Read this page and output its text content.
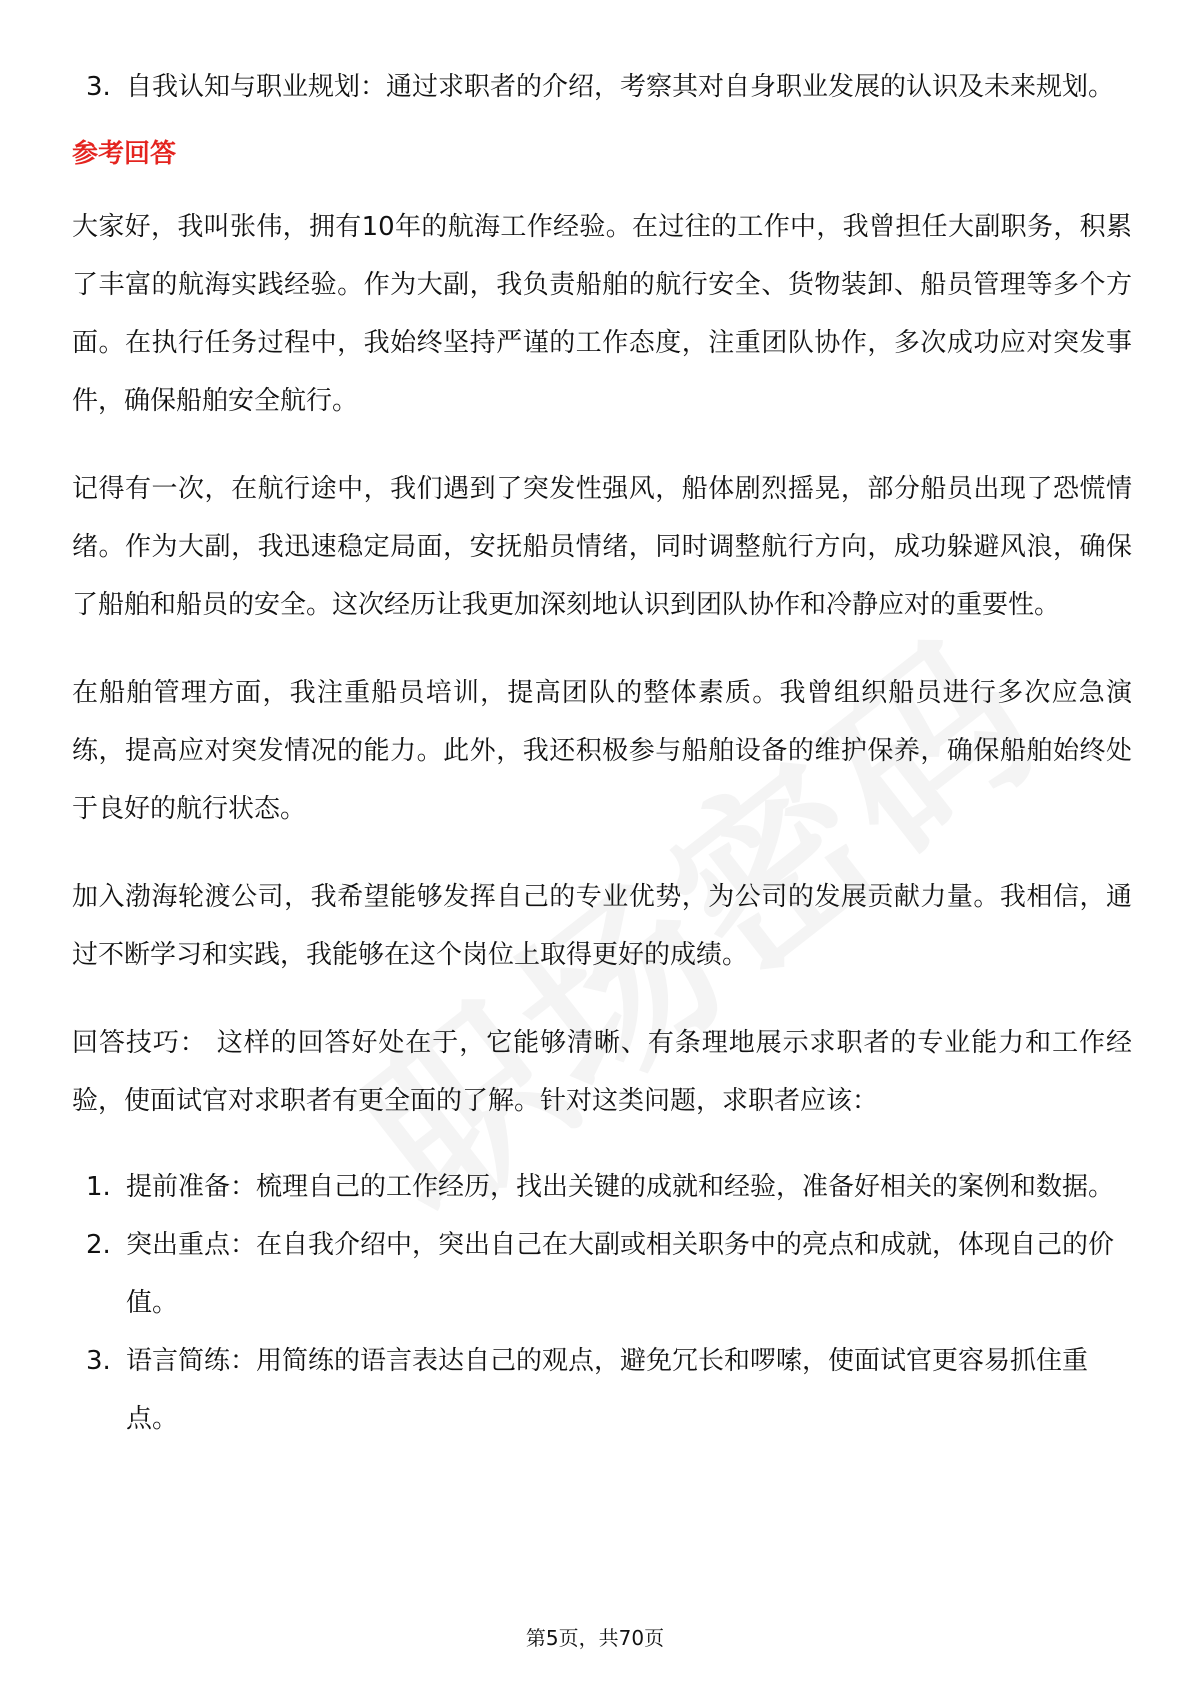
3. 自我认知与职业规划：通过求职者的介绍，考察其对自身职业发展的认识及未来规划。
参考回答

大家好，我叫张伟，拥有10年的航海工作经验。在过往的工作中，我曾担任大副职务，积累了丰富的航海实践经验。作为大副，我负责船舶的航行安全、货物装卸、船员管理等多个方面。在执行任务过程中，我始终坚持严谨的工作态度，注重团队协作，多次成功应对突发事件，确保船舶安全航行。

记得有一次，在航行途中，我们遇到了突发性强风，船体剧烈摇晃，部分船员出现了恐慌情绪。作为大副，我迅速稳定局面，安抚船员情绪，同时调整航行方向，成功躲避风浪，确保了船舶和船员的安全。这次经历让我更加深刻地认识到团队协作和冷静应对的重要性。

在船舶管理方面，我注重船员培训，提高团队的整体素质。我曾组织船员进行多次应急演练，提高应对突发情况的能力。此外，我还积极参与船舶设备的维护保养，确保船舶始终处于良好的航行状态。

加入渤海轮渡公司，我希望能够发挥自己的专业优势，为公司的发展贡献力量。我相信，通过不断学习和实践，我能够在这个岗位上取得更好的成绩。

回答技巧： 这样的回答好处在于，它能够清晰、有条理地展示求职者的专业能力和工作经验，使面试官对求职者有更全面的了解。针对这类问题，求职者应该：

1. 提前准备：梳理自己的工作经历，找出关键的成就和经验，准备好相关的案例和数据。
2. 突出重点：在自我介绍中，突出自己在大副或相关职务中的亮点和成就，体现自己的价值。
3. 语言简练：用简练的语言表达自己的观点，避免冗长和啰嗦，使面试官更容易抓住重点。
第5页，共70页
